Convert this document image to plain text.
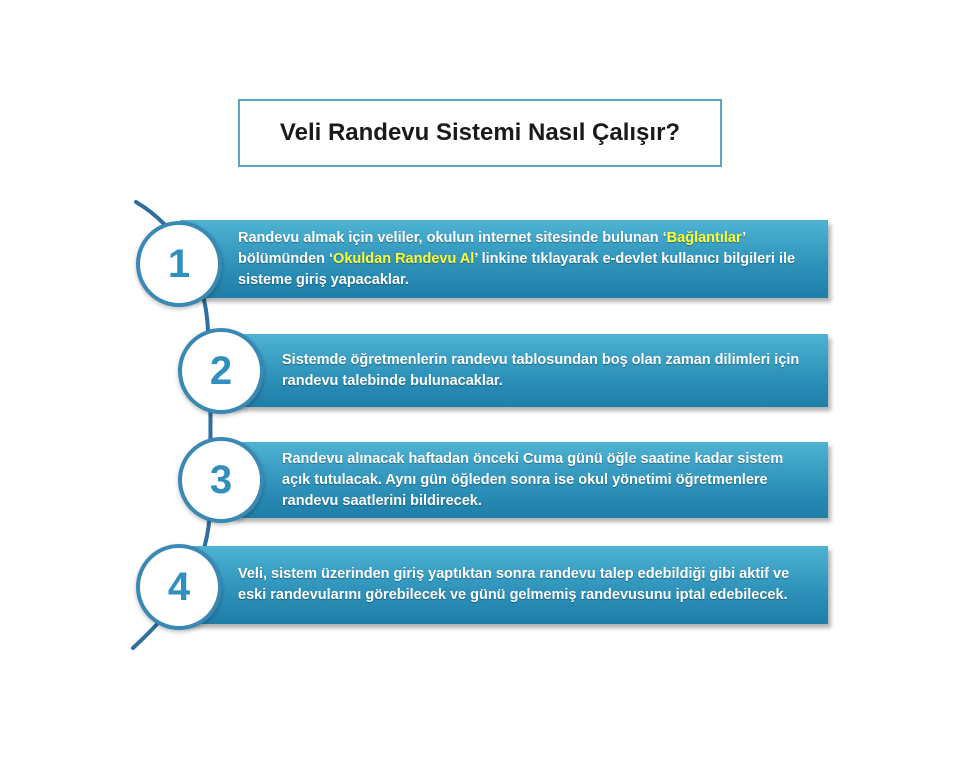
Veli Randevu Sistemi Nasıl Çalışır?
Randevu almak için veliler, okulun internet sitesinde bulunan ‘Bağlantılar’ bölümünden ‘Okuldan Randevu Al’ linkine tıklayarak e-devlet kullanıcı bilgileri ile sisteme giriş yapacaklar.
1
Sistemde öğretmenlerin randevu tablosundan boş olan zaman dilimleri için randevu talebinde bulunacaklar.
2
Randevu alınacak haftadan önceki Cuma günü öğle saatine kadar sistem açık tutulacak. Aynı gün öğleden sonra ise okul yönetimi öğretmenlere randevu saatlerini bildirecek.
3
Veli, sistem üzerinden giriş yaptıktan sonra randevu talep edebildiği gibi aktif ve eski randevularını görebilecek ve günü gelmemiş randevusunu iptal edebilecek.
4
